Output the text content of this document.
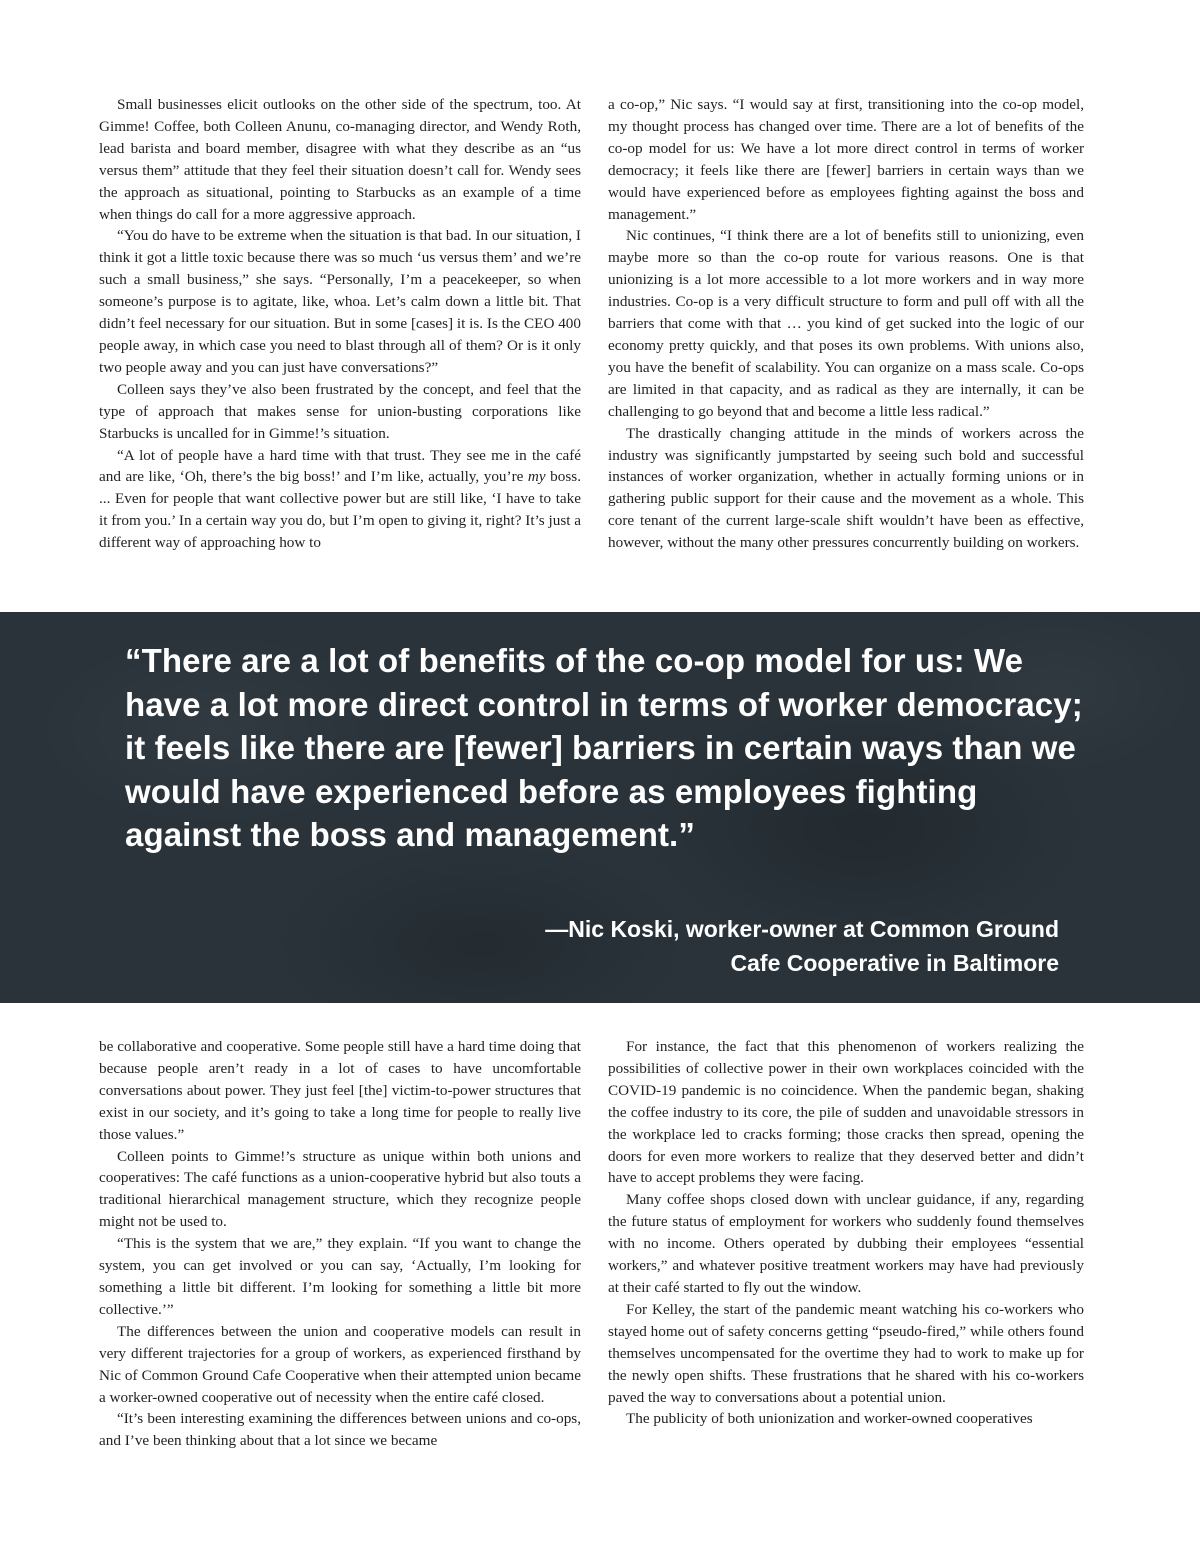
Small businesses elicit outlooks on the other side of the spectrum, too. At Gimme! Coffee, both Colleen Anunu, co-managing director, and Wendy Roth, lead barista and board member, disagree with what they describe as an “us versus them” attitude that they feel their situation doesn’t call for. Wendy sees the approach as situational, pointing to Starbucks as an example of a time when things do call for a more aggressive approach.

“You do have to be extreme when the situation is that bad. In our situation, I think it got a little toxic because there was so much ‘us versus them’ and we’re such a small business,” she says. “Personally, I’m a peacekeeper, so when someone’s purpose is to agitate, like, whoa. Let’s calm down a little bit. That didn’t feel necessary for our situation. But in some [cases] it is. Is the CEO 400 people away, in which case you need to blast through all of them? Or is it only two people away and you can just have conversations?”

Colleen says they’ve also been frustrated by the concept, and feel that the type of approach that makes sense for union-busting corporations like Starbucks is uncalled for in Gimme!’s situation.

“A lot of people have a hard time with that trust. They see me in the café and are like, ‘Oh, there’s the big boss!’ and I’m like, actually, you’re my boss. ... Even for people that want collective power but are still like, ‘I have to take it from you.’ In a certain way you do, but I’m open to giving it, right? It’s just a different way of approaching how to

a co-op,” Nic says. “I would say at first, transitioning into the co-op model, my thought process has changed over time. There are a lot of benefits of the co-op model for us: We have a lot more direct control in terms of worker democracy; it feels like there are [fewer] barriers in certain ways than we would have experienced before as employees fighting against the boss and management.”

Nic continues, “I think there are a lot of benefits still to unionizing, even maybe more so than the co-op route for various reasons. One is that unionizing is a lot more accessible to a lot more workers and in way more industries. Co-op is a very difficult structure to form and pull off with all the barriers that come with that … you kind of get sucked into the logic of our economy pretty quickly, and that poses its own problems. With unions also, you have the benefit of scalability. You can organize on a mass scale. Co-ops are limited in that capacity, and as radical as they are internally, it can be challenging to go beyond that and become a little less radical.”

The drastically changing attitude in the minds of workers across the industry was significantly jumpstarted by seeing such bold and successful instances of worker organization, whether in actually forming unions or in gathering public support for their cause and the movement as a whole. This core tenant of the current large-scale shift wouldn’t have been as effective, however, without the many other pressures concurrently building on workers.

“There are a lot of benefits of the co-op model for us: We have a lot more direct control in terms of worker democracy; it feels like there are [fewer] barriers in certain ways than we would have experienced before as employees fighting against the boss and management.”

—Nic Koski, worker-owner at Common Ground
Cafe Cooperative in Baltimore

be collaborative and cooperative. Some people still have a hard time doing that because people aren’t ready in a lot of cases to have uncomfortable conversations about power. They just feel [the] victim-to-power structures that exist in our society, and it’s going to take a long time for people to really live those values.”

Colleen points to Gimme!’s structure as unique within both unions and cooperatives: The café functions as a union-cooperative hybrid but also touts a traditional hierarchical management structure, which they recognize people might not be used to.

“This is the system that we are,” they explain. “If you want to change the system, you can get involved or you can say, ‘Actually, I’m looking for something a little bit different. I’m looking for something a little bit more collective.’”

The differences between the union and cooperative models can result in very different trajectories for a group of workers, as experienced firsthand by Nic of Common Ground Cafe Cooperative when their attempted union became a worker-owned cooperative out of necessity when the entire café closed.

“It’s been interesting examining the differences between unions and co-ops, and I’ve been thinking about that a lot since we became

For instance, the fact that this phenomenon of workers realizing the possibilities of collective power in their own workplaces coincided with the COVID-19 pandemic is no coincidence. When the pandemic began, shaking the coffee industry to its core, the pile of sudden and unavoidable stressors in the workplace led to cracks forming; those cracks then spread, opening the doors for even more workers to realize that they deserved better and didn’t have to accept problems they were facing.

Many coffee shops closed down with unclear guidance, if any, regarding the future status of employment for workers who suddenly found themselves with no income. Others operated by dubbing their employees “essential workers,” and whatever positive treatment workers may have had previously at their café started to fly out the window.

For Kelley, the start of the pandemic meant watching his co-workers who stayed home out of safety concerns getting “pseudo-fired,” while others found themselves uncompensated for the overtime they had to work to make up for the newly open shifts. These frustrations that he shared with his co-workers paved the way to conversations about a potential union.

The publicity of both unionization and worker-owned cooperatives
